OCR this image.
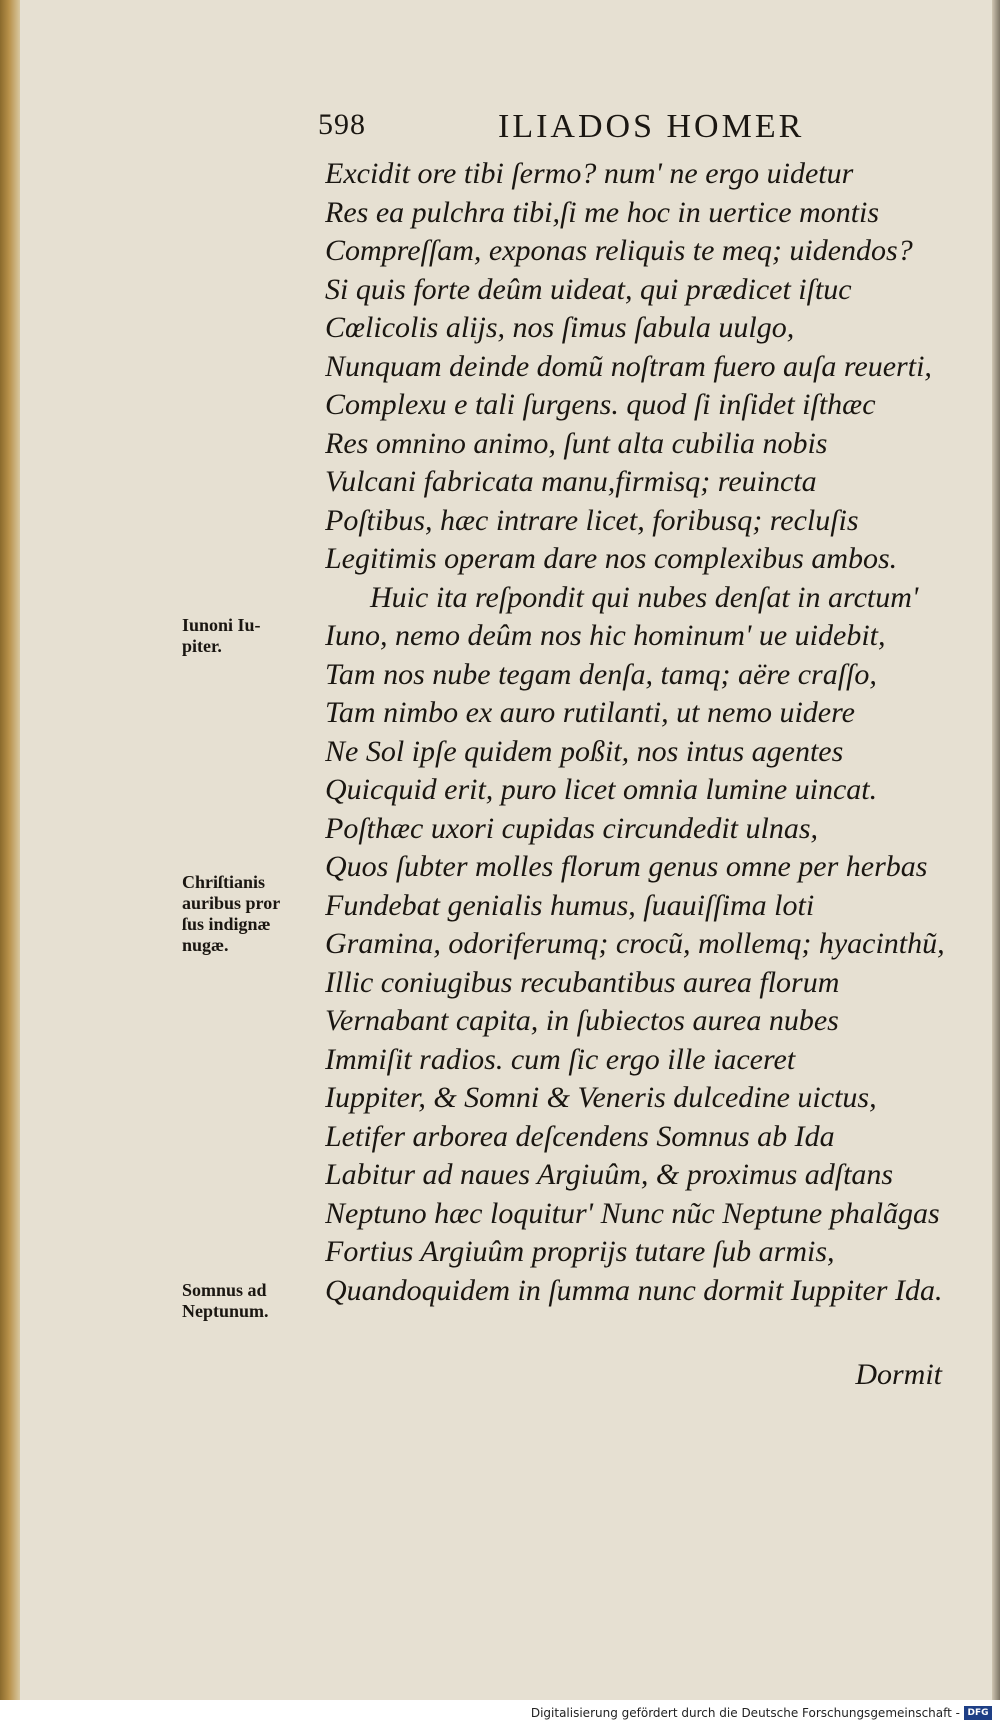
598	ILIADOS HOMER
Excidit ore tibi ſermo? num' ne ergo uidetur
Res ea pulchra tibi,ſi me hoc in uertice montis
Compreſſam, exponas reliquis te meq; uidendos?
Si quis forte deûm uideat, qui prædicet iſtuc
Cœlicolis alijs, nos ſimus ſabula uulgo,
Nunquam deinde domũ noſtram fuero auſa reuerti,
Complexu e tali ſurgens. quod ſi inſidet iſthæc
Res omnino animo, ſunt alta cubilia nobis
Vulcani fabricata manu,firmisq; reuincta
Poſtibus, hæc intrare licet, foribusq; recluſis
Legitimis operam dare nos complexibus ambos.
Huic ita reſpondit qui nubes denſat in arctum'
Iuno, nemo deûm nos hic hominum' ue uidebit,
Tam nos nube tegam denſa, tamq; aëre craſſo,
Tam nimbo ex auro rutilanti, ut nemo uidere
Ne Sol ipſe quidem poßit, nos intus agentes
Quicquid erit, puro licet omnia lumine uincat.
Poſthæc uxori cupidas circundedit ulnas,
Quos ſubter molles florum genus omne per herbas
Fundebat genialis humus, ſuauiſſima loti
Gramina, odoriferumq; crocũ, mollemq; hyacinthũ,
Illic coniugibus recubantibus aurea florum
Vernabant capita, in ſubiectos aurea nubes
Immiſit radios. cum ſic ergo ille iaceret
Iuppiter, & Somni & Veneris dulcedine uictus,
Letifer arborea deſcendens Somnus ab Ida
Labitur ad naues Argiuûm, & proximus adſtans
Neptuno hæc loquitur' Nunc nũc Neptune phalãgas
Fortius Argiuûm proprijs tutare ſub armis,
Quandoquidem in ſumma nunc dormit Iuppiter Ida.
Iunoni Iu-
piter.
Chriſtianis
auribus pror
ſus indignæ
nugæ.
Somnus ad
Neptunum.
Dormit
Digitalisierung gefördert durch die Deutsche Forschungsgemeinschaft - DFG
